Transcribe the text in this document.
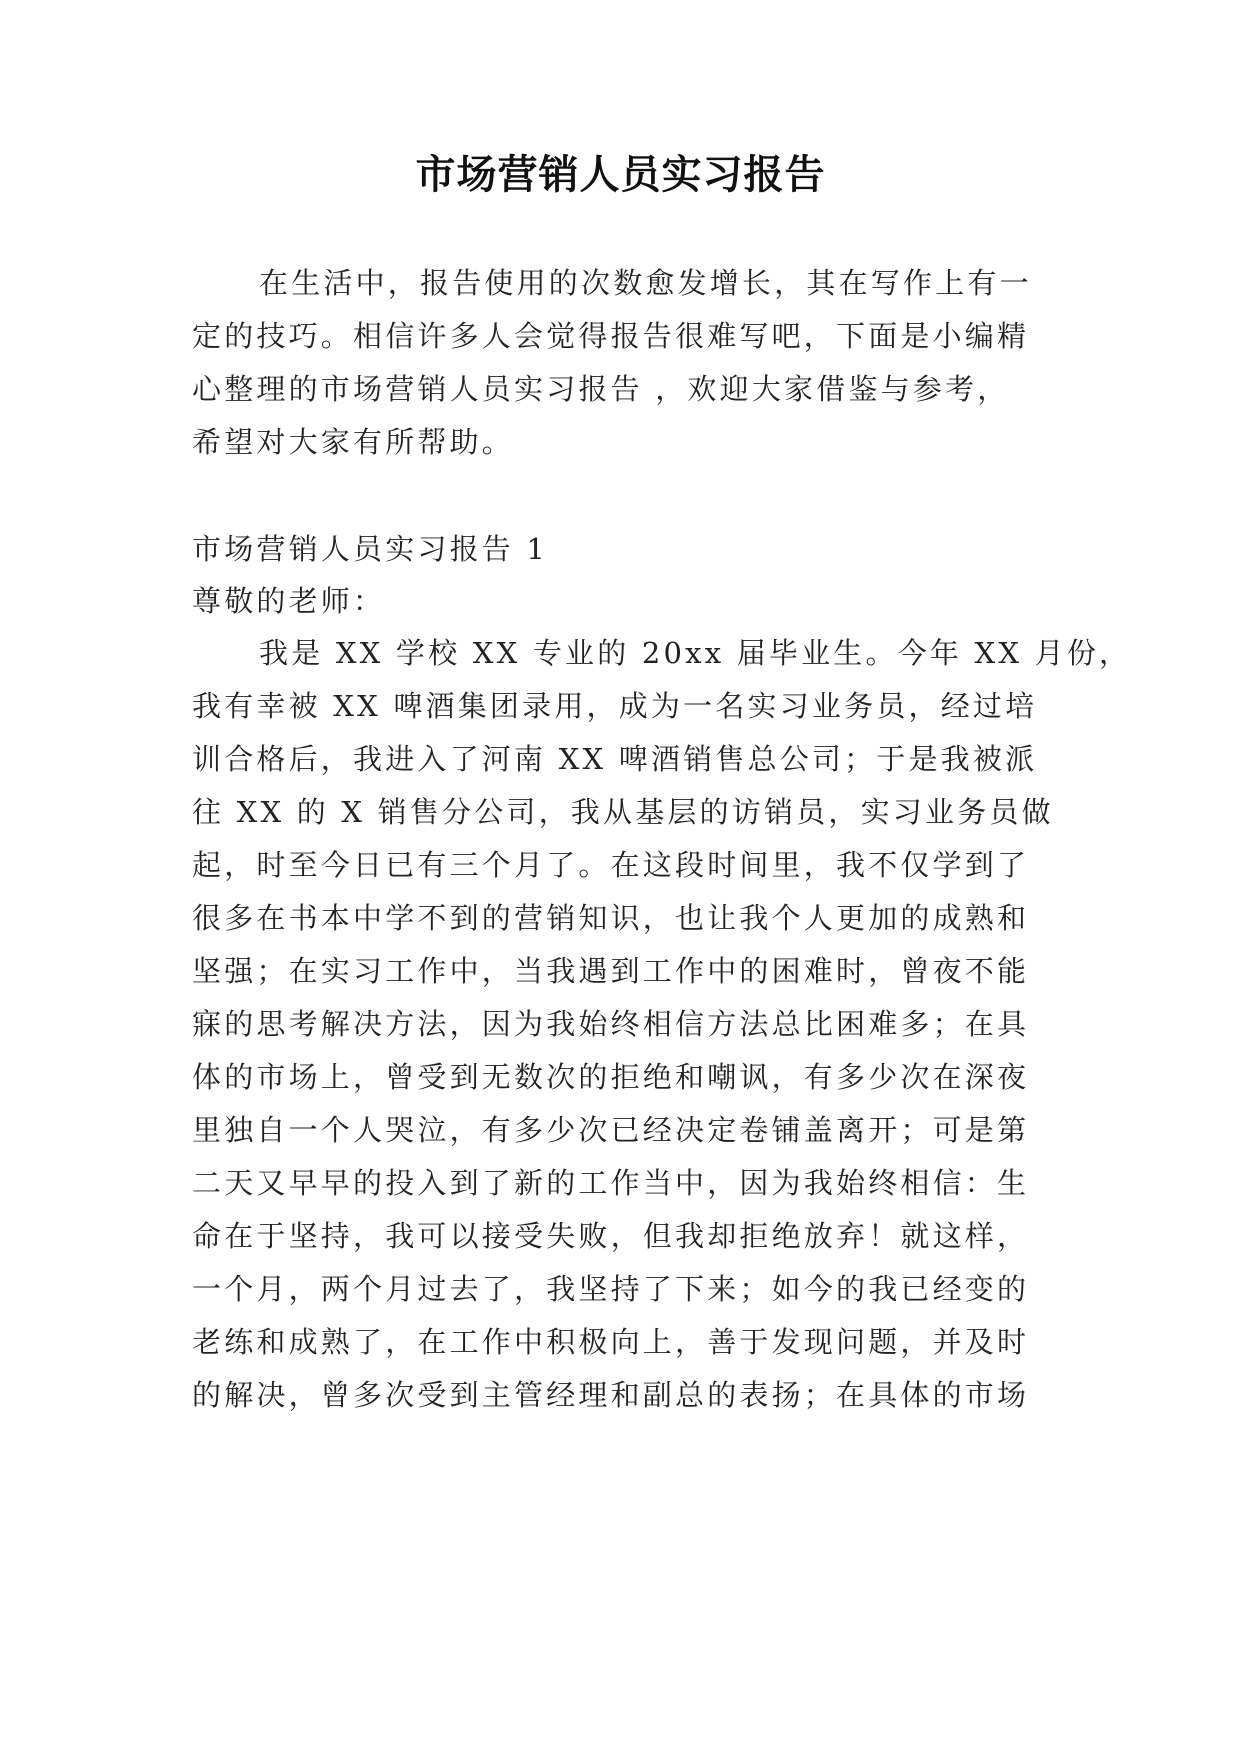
市场营销人员实习报告
在生活中，报告使用的次数愈发增长，其在写作上有一
定的技巧。相信许多人会觉得报告很难写吧，下面是小编精
心整理的市场营销人员实习报告 ，欢迎大家借鉴与参考，
希望对大家有所帮助。
市场营销人员实习报告 1
尊敬的老师：
我是 XX 学校 XX 专业的 20xx 届毕业生。今年 XX 月份，
我有幸被 XX 啤酒集团录用，成为一名实习业务员，经过培
训合格后，我进入了河南 XX 啤酒销售总公司；于是我被派
往 XX 的 X 销售分公司，我从基层的访销员，实习业务员做
起，时至今日已有三个月了。在这段时间里，我不仅学到了
很多在书本中学不到的营销知识，也让我个人更加的成熟和
坚强；在实习工作中，当我遇到工作中的困难时，曾夜不能
寐的思考解决方法，因为我始终相信方法总比困难多；在具
体的市场上，曾受到无数次的拒绝和嘲讽，有多少次在深夜
里独自一个人哭泣，有多少次已经决定卷铺盖离开；可是第
二天又早早的投入到了新的工作当中，因为我始终相信：生
命在于坚持，我可以接受失败，但我却拒绝放弃！就这样，
一个月，两个月过去了，我坚持了下来；如今的我已经变的
老练和成熟了，在工作中积极向上，善于发现问题，并及时
的解决，曾多次受到主管经理和副总的表扬；在具体的市场
